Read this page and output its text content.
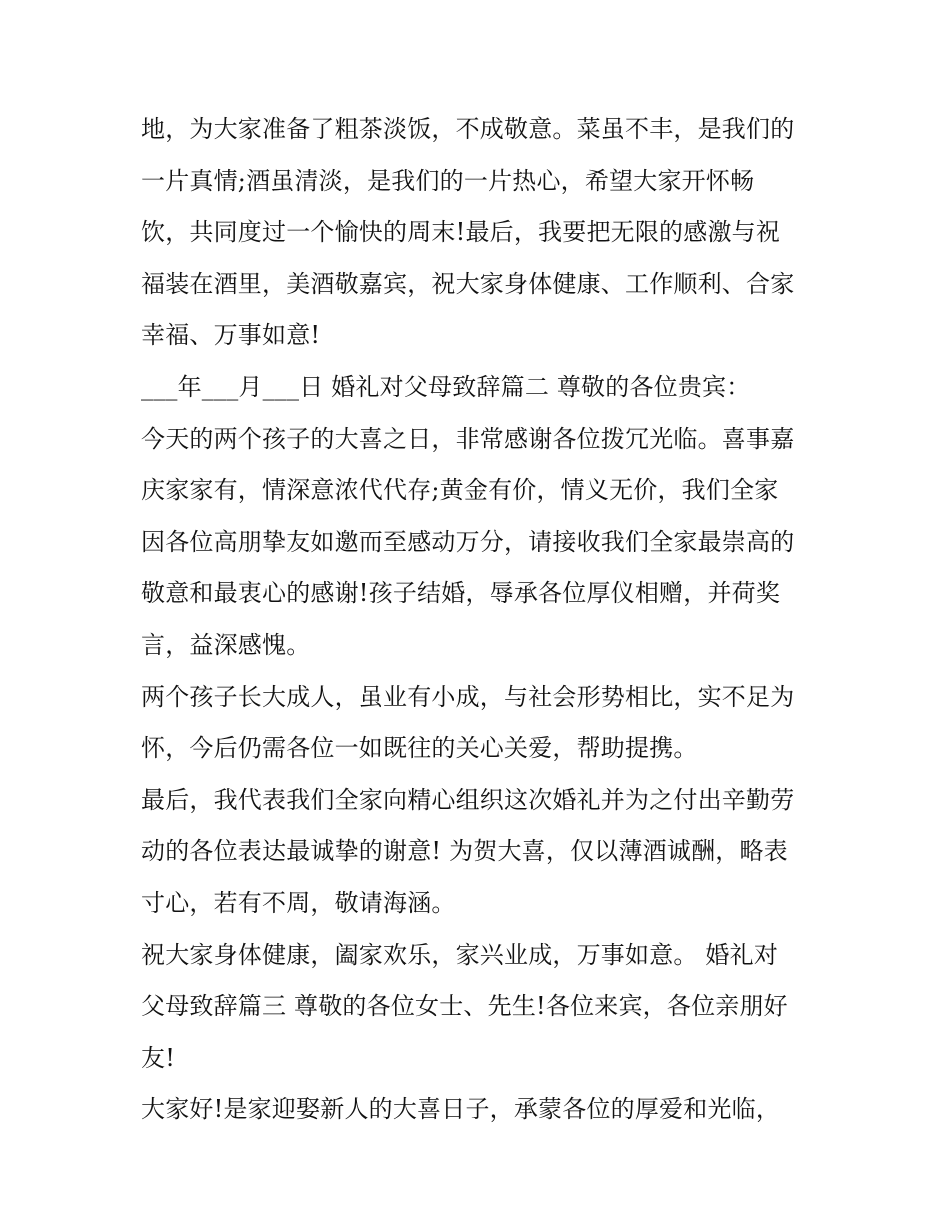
地，为大家准备了粗茶淡饭，不成敬意。菜虽不丰，是我们的
一片真情;酒虽清淡，是我们的一片热心，希望大家开怀畅
饮，共同度过一个愉快的周末!最后，我要把无限的感激与祝
福装在酒里，美酒敬嘉宾，祝大家身体健康、工作顺利、合家
幸福、万事如意!
___年___月___日 婚礼对父母致辞篇二 尊敬的各位贵宾：
今天的两个孩子的大喜之日，非常感谢各位拨冗光临。喜事嘉
庆家家有，情深意浓代代存;黄金有价，情义无价，我们全家
因各位高朋挚友如邀而至感动万分，请接收我们全家最崇高的
敬意和最衷心的感谢!孩子结婚，辱承各位厚仪相赠，并荷奖
言，益深感愧。
两个孩子长大成人，虽业有小成，与社会形势相比，实不足为
怀，今后仍需各位一如既往的关心关爱，帮助提携。
最后，我代表我们全家向精心组织这次婚礼并为之付出辛勤劳
动的各位表达最诚挚的谢意! 为贺大喜，仅以薄酒诚酬，略表
寸心，若有不周，敬请海涵。
祝大家身体健康，阖家欢乐，家兴业成，万事如意。 婚礼对
父母致辞篇三 尊敬的各位女士、先生!各位来宾，各位亲朋好
友!
大家好!是家迎娶新人的大喜日子，承蒙各位的厚爱和光临，
